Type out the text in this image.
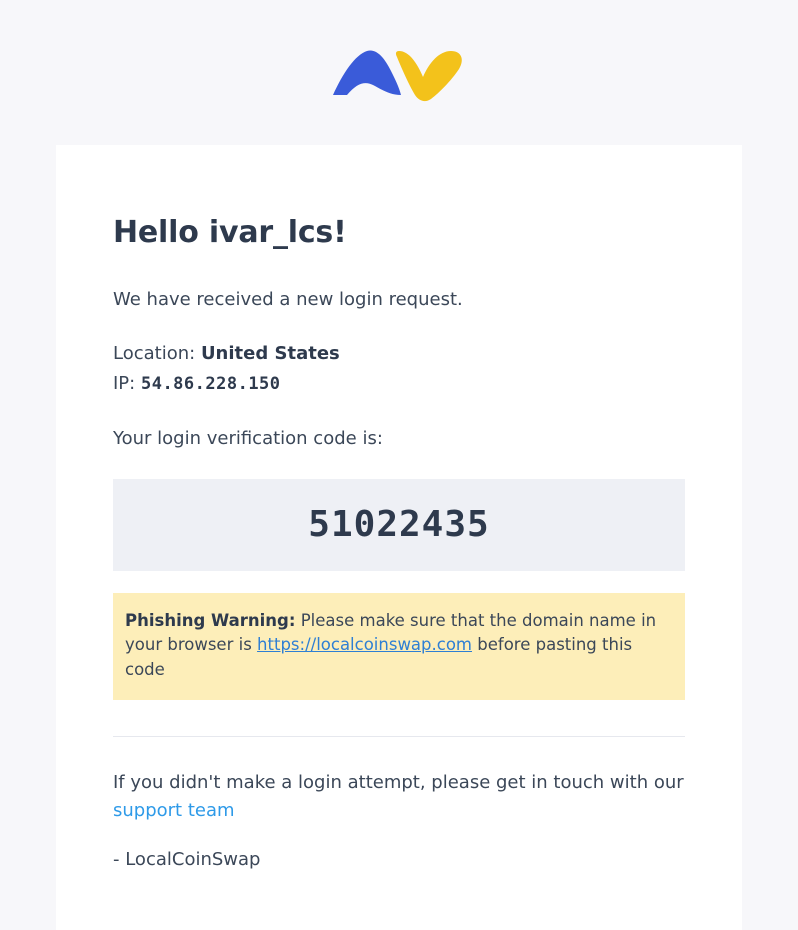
Hello ivar_lcs!

We have received a new login request.

Location: United States
IP: 54.86.228.150

Your login verification code is:

51022435
Phishing Warning: Please make sure that the domain name in your browser is https://localcoinswap.com before pasting this code

If you didn't make a login attempt, please get in touch with our support team

- LocalCoinSwap
